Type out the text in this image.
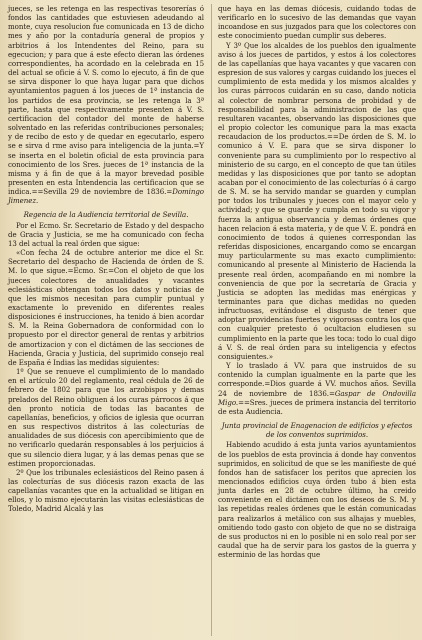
jueces, se les retenga en las respectivas tesorerías ó fondos las cantidades que estuviesen adeudando al monte, cuya resolucion fue comunicada en 13 de dicho mes y año por la contaduría general de propios y arbitrios á los Intendentes del Reino, para su egecucion; y para que á este efecto dieran las órdenes correspondientes, ha acordado en la celebrada en 15 del actual se oficie á V. S. como lo ejecuto, á fin de que se sirva disponer lo que haya lugar para que dichos ayuntamientos paguen á los jueces de 1ª instancia de los partidos de esa provincia, se les retenga la 3ª parte, hasta que respectivamente presenten á V. S. certificacion del contador del monte de haberse solventado en las referidas contribuciones personales; y de recibo de esto y de quedar en egecutarlo, espero se e sirva d rme aviso para inteligencia de la junta.=Y se inserta en el boletin oficial de esta provincia para conocimiento de los Sres. jueces de 1ª instancia de la misma y á fin de que á la mayor brevedad posible presenten en esta Intendencia las certificacion que se indica.==Sevilla 29 de noviembre de 1836.=Domingo Jimenez.

Regencia de la Audiencia territorial de Sevilla.

Por el Ecmo. Sr. Secretario de Estado y del despacho de Gracia y Justicia, se me ha comunicado con fecha 13 del actual la real órden que sigue:

«Con fecha 24 de octubre anterior me dice el Sr. Secretario del despacho de Hacienda de órden de S. M. lo que sigue.=Ecmo. Sr.=Con el objeto de que los jueces colectores de anualidades y vacantes eclesiásticas obtengan todos los datos y noticias de que les mismos necesitan para cumplir puntual y exactamente lo prevenido en diferentes reales disposiciones é instrucciones, ha tenido á bien acordar S. M. la Reina Gobernadora de conformidad con lo propuesto por el director general de rentas y arbitrios de amortizacion y con el dictámen de las secciones de Hacienda, Gracia y Justicia, del suprimido consejo real de España é Indias las medidas siguientes:

1º Que se renueve el cumplimiento de lo mandado en el artículo 20 del reglamento, real cédula de 26 de febrero de 1802 para que los arzobispos y demas prelados del Reino obliguen á los curas párrocos á que den pronto noticia de todas las bacantes de capellanías, beneficios, y oficios de iglesia que ocurran en sus respectivos distritos á las colecturías de anualidades de sus diócesis con apercibimiento que de no verificarlo quedarán responsables á los perjuicios á que su silencio diera lugar, y á las demas penas que se estimen proporcionadas.

2º Que los tribunales eclesiásticos del Reino pasen á las colecturías de sus diócesis razon exacta de las capellanías vacantes que en la actualidad se litigan en ellos, y lo mismo ejecutarán las visitas eclesiásticas de Toledo, Madrid Alcalá y las

que haya en las demas diócesis, cuidando todas de verificarlo en lo sucesivo de las demandas que vayan incoandose en sus juzgados para que los colectores con este conocimiento puedan cumplir sus deberes.

Y 3º Que los alcaldes de los pueblos den igualmente aviso á los jueces de partidos, y estos á los colectores de las capellanías que haya vacantes y que vacaren con espresion de sus valores y cargas cuidando los jueces el cumplimiento de esta medida y los mismos alcaldes y los curas párrocos cuidarán en su caso, dando noticia al colector de nombrar persona de probidad y de responsabilidad para la administracion de las que resultaren vacantes, observando las disposiciones que el propio colector les comunique para la mas exacta recaudacion de los productos.==De órden de S. M. lo comunico á V. E. para que se sirva disponer lo conveniente para su cumplimiento por lo respectivo al ministerio de su cargo, en el concepto de que tan útiles medidas y las disposiciones que por tanto se adoptan acaban por el conocimiento de las colecturías ó á cargo de S. M. se ha servido mandar se guarden y cumplan por todos los tribunales y jueces con el mayor celo y actividad; y que se guarde y cumpla en todo su vigor y fuerza la antigua observancia y demas órdenes que hacen relacion á esta materia, y de que V. E. pondrá en conocimiento de todos á quienes correspondan las referidas disposiciones, encargando como se encargan muy particularmente su mas exacto cumplimiento: comunicando al presente al Ministerio de Hacienda la presente real órden, acompañando en mi nombre la conveniencia de que por la secretaría de Gracia y Justicia se adopten las medidas mas enérgicas y terminantes para que dichas medidas no queden infructuosas, evitándose el disgusto de tener que adoptar providencias fuertes y vigorosas contra los que con cualquier pretesto ó ocultacion eludiesen su cumplimiento en la parte que les toca: todo lo cual digo á V. S. de real órden para su inteligencia y efectos consiguientes.»

Y lo traslado á VV. para que instruidos de su contenido la cumplan igualmente en la parte que les corresponde.=Dios guarde á VV. muchos años. Sevilla 24 de noviembre de 1836.=Gaspar de Ondovilla Migo.==Sres. jueces de primera instancia del territorio de esta Audiencia.

Junta provincial de Enagenacion de edificios y efectos de los conventos suprimidos.

Habiendo acudido á esta junta varios ayuntamientos de los pueblos de esta provincia á donde hay conventos suprimidos, en solicitud de que se les manifieste de qué fondos han de satisfacer los peritos que aprecien los mencionados edificios cuya órden tubo á bien esta junta darles en 28 de octubre último, ha creido conveniente en el dictámen con los deseos de S. M. y las repetidas reales órdenes que le están comunicadas para realizarlos á metálico con sus alhajas y muebles, omitiendo todo gasto con objeto de que no se distraiga de sus productos ni en lo posible ni en solo real por ser caudal que ha de servir para los gastos de la guerra y esterminio de las hordas que
